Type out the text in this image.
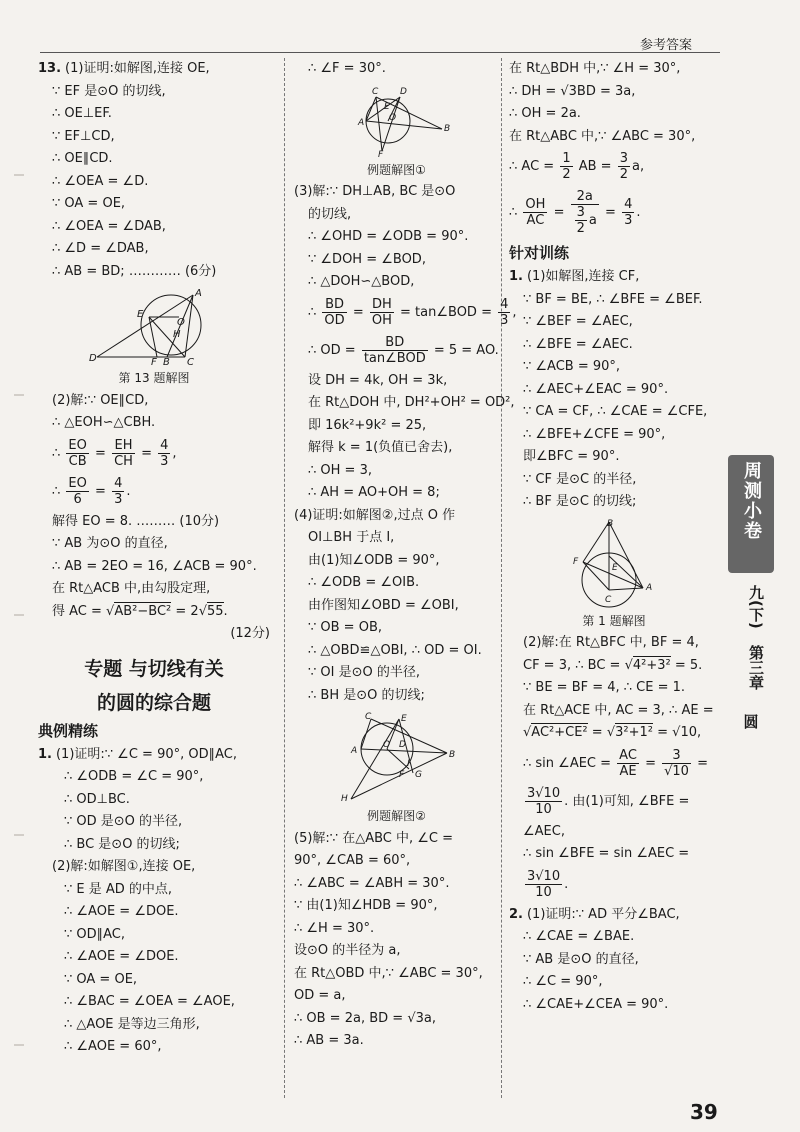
参考答案
13. (1)证明:如解图,连接 OE,
∵ EF 是⊙O 的切线,
∴ OE⊥EF.
∵ EF⊥CD,
∴ OE∥CD.
∴ ∠OEA = ∠D.
∵ OA = OE,
∴ ∠OEA = ∠DAB,
∴ ∠D = ∠DAB,
∴ AB = BD; ………… (6分)
A
E
O
H
D	F B C
第 13 题解图
(2)解:∵ OE∥CD,
∴ △EOH∽△CBH.
∴ $\frac{EO}{CB} = \frac{EH}{CH} = \frac{4}{3}$ ,
∴ $\frac{EO}{6} = \frac{4}{3}$ .
解得 EO = 8. ……… (10分)
∵ AB 为⊙O 的直径,
∴ AB = 2EO = 16, ∠ACB = 90°.
在 Rt△ACB 中,由勾股定理,
得 AC = √AB²−BC² = 2√55.
(12分)
专题 与切线有关
的圆的综合题
典例精练
1. (1)证明:∵ ∠C = 90°, OD∥AC,
∴ ∠ODB = ∠C = 90°,
∴ OD⊥BC.
∵ OD 是⊙O 的半径,
∴ BC 是⊙O 的切线;
(2)解:如解图①,连接 OE,
∵ E 是 AD 的中点,
∴ ∠AOE = ∠DOE.
∵ OD∥AC,
∴ ∠AOE = ∠DOE.
∵ OA = OE,
∴ ∠BAC = ∠OEA = ∠AOE,
∴ △AOE 是等边三角形,
∴ ∠AOE = 60°,
∴ ∠F = 30°.
C D
A	O
B
E
F
例题解图①
(3)解:∵ DH⊥AB, BC 是⊙O
的切线,
∴ ∠OHD = ∠ODB = 90°.
∵ ∠DOH = ∠BOD,
∴ △DOH∽△BOD,
∴ $\frac{BD}{OD} = \frac{DH}{OH}$ = tan∠BOD = $\frac{4}{3}$ ,
∴ OD = $\frac{BD}{\text{tan∠BOD}} = 5$ = AO.
设 DH = 4k, OH = 3k,
在 Rt△DOH 中, DH²+OH² = OD²,
即 16k²+9k² = 25,
解得 k = 1(负值已舍去),
∴ OH = 3,
∴ AH = AO+OH = 8;
(4)证明:如解图②,过点 O 作
OI⊥BH 于点 I,
由(1)知∠ODB = 90°,
∴ ∠ODB = ∠OIB.
由作图知∠OBD = ∠OBI,
∵ OB = OB,
∴ △OBD≌△OBI, ∴ OD = OI.
∵ OI 是⊙O 的半径,
∴ BH 是⊙O 的切线;
C	E
A
O D
B
I
F G
H
例题解图②
(5)解:∵ 在△ABC 中, ∠C =
90°, ∠CAB = 60°,
∴ ∠ABC = ∠ABH = 30°.
∵ 由(1)知∠HDB = 90°,
∴ ∠H = 30°.
设⊙O 的半径为 a,
在 Rt△OBD 中,∵ ∠ABC = 30°,
OD = a,
∴ OB = 2a, BD = √3a,
∴ AB = 3a.
在 Rt△BDH 中,∵ ∠H = 30°,
∴ DH = √3BD = 3a,
∴ OH = 2a.
在 Rt△ABC 中,∵ ∠ABC = 30°,
∴ AC = $\frac{1}{2}$ AB = $\frac{3}{2} a$,
∴ $\frac{OH}{AC} = \frac{2a}{\frac{3}{2} a} = \frac{4}{3}$ .
针对训练
1. (1)如解图,连接 CF,
∵ BF = BE, ∴ ∠BFE = ∠BEF.
∵ ∠BEF = ∠AEC,
∴ ∠BFE = ∠AEC.
∵ ∠ACB = 90°,
∴ ∠AEC+∠EAC = 90°.
∵ CA = CF, ∴ ∠CAE = ∠CFE,
∴ ∠BFE+∠CFE = 90°,
即∠BFC = 90°.
∵ CF 是⊙C 的半径,
∴ BF 是⊙C 的切线;
B
F
E
A
C
第 1 题解图
(2)解:在 Rt△BFC 中, BF = 4,
CF = 3, ∴ BC = √4²+3² = 5.
∵ BE = BF = 4, ∴ CE = 1.
在 Rt△ACE 中, AC = 3, ∴ AE =
√AC²+CE² = √3²+1² = √10,
∴ sin ∠AEC = $\frac{AC}{AE} = \frac{3}{√10}$ =
$\frac{3√10}{10}$ . 由(1)可知, ∠BFE =
∠AEC,
∴ sin ∠BFE = sin ∠AEC =
$\frac{3√10}{10}$ .
2. (1)证明:∵ AD 平分∠BAC,
∴ ∠CAE = ∠BAE.
∵ AB 是⊙O 的直径,
∴ ∠C = 90°,
∴ ∠CAE+∠CEA = 90°.
周测小卷
九(下)
第三章
圆
39
